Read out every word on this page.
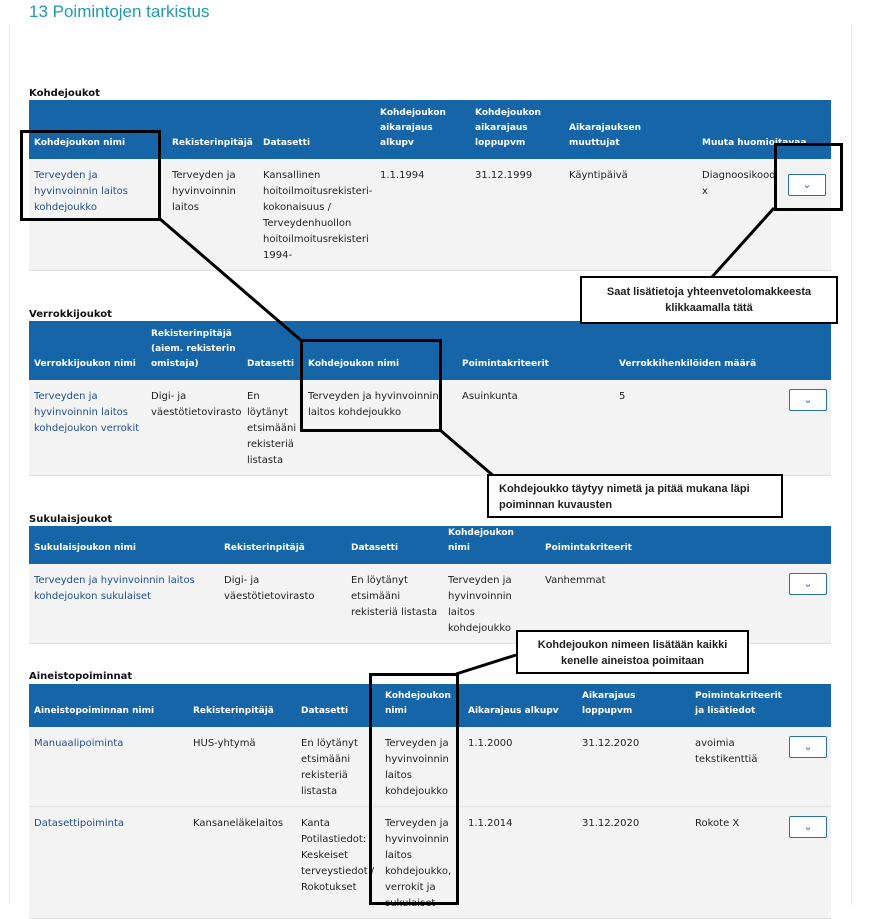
13 Poimintojen tarkistus
Kohdejoukot
Kohdejoukon nimi	Rekisterinpitäjä	Datasetti	Kohdejoukon aikarajaus alkupv	Kohdejoukon aikarajaus loppupvm	Aikarajauksen muuttujat	Muuta huomioitavaa
Terveyden ja hyvinvoinnin laitos kohdejoukko	Terveyden ja hyvinvoinnin laitos	Kansallinen hoitoilmoitusrekisteri-kokonaisuus / Terveydenhuollon hoitoilmoitusrekisteri 1994-	1.1.1994	31.12.1999	Käyntipäivä	Diagnoosikood x
⌄
Verrokkijoukot
Verrokkijoukon nimi	Rekisterinpitäjä (aiem. rekisterin omistaja)	Datasetti	Kohdejoukon nimi	Poimintakriteerit	Verrokkihenkilöiden määrä	
Terveyden ja hyvinvoinnin laitos kohdejoukon verrokit	Digi- ja väestötietovirasto	En löytänyt etsimääni rekisteriä listasta	Terveyden ja hyvinvoinnin laitos kohdejoukko	Asuinkunta	5	⌄
Sukulaisjoukot
Sukulaisjoukon nimi	Rekisterinpitäjä	Datasetti	Kohdejoukon nimi	Poimintakriteerit	
Terveyden ja hyvinvoinnin laitos kohdejoukon sukulaiset	Digi- ja väestötietovirasto	En löytänyt etsimääni rekisteriä listasta	Terveyden ja hyvinvoinnin laitos kohdejoukko	Vanhemmat	⌄
Aineistopoiminnat
Aineistopoiminnan nimi	Rekisterinpitäjä	Datasetti	Kohdejoukon nimi	Aikarajaus alkupv	Aikarajaus loppupvm	Poimintakriteerit ja lisätiedot	
Manuaalipoiminta	HUS-yhtymä	En löytänyt etsimääni rekisteriä listasta	Terveyden ja hyvinvoinnin laitos kohdejoukko	1.1.2000	31.12.2020	avoimia tekstikenttiä	⌄
Datasettipoiminta	Kansaneläkelaitos	Kanta Potilastiedot: Keskeiset terveystiedot / Rokotukset	Terveyden ja hyvinvoinnin laitos kohdejoukko, verrokit ja sukulaiset	1.1.2014	31.12.2020	Rokote X	⌄
Saat lisätietoja yhteenvetolomakkeesta klikkaamalla tätä
Kohdejoukko täytyy nimetä ja pitää mukana läpi poiminnan kuvausten
Kohdejoukon nimeen lisätään kaikki kenelle aineistoa poimitaan
